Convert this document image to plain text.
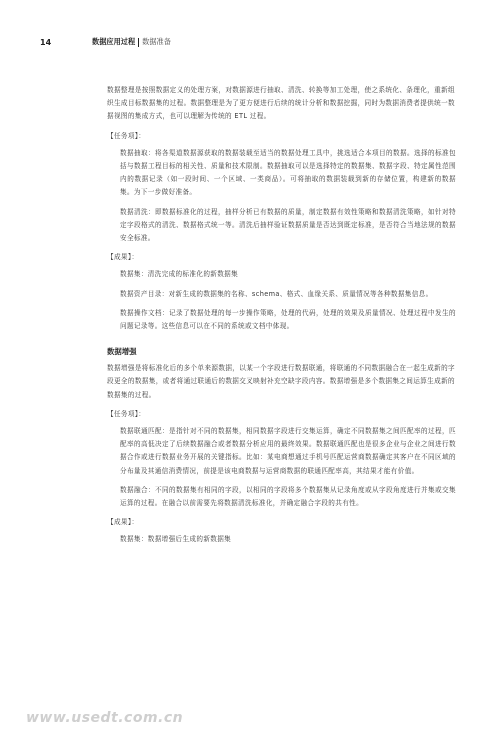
14	数据应用过程 数据准备

数据整理是按照数据定义的处理方案，对数据源进行抽取、清洗、转换等加工处理，使之系统化、条理化，重新组织生成目标数据集的过程。数据整理是为了更方便进行后续的统计分析和数据挖掘，同时为数据消费者提供统一数据视图的集成方式，也可以理解为传统的 ETL 过程。

【任务项】：

数据抽取：将各渠道数据源获取的数据装载至适当的数据处理工具中，挑选适合本项目的数据。选择的标准包括与数据工程目标的相关性、质量和技术限制。数据抽取可以是选择特定的数据集、数据字段、特定属性范围内的数据记录（如一段时间、一个区域、一类商品）。可将抽取的数据装载到新的存储位置，构建新的数据集。为下一步做好准备。

数据清洗：即数据标准化的过程，抽样分析已有数据的质量，制定数据有效性策略和数据清洗策略，如针对特定字段格式的清洗、数据格式统一等。清洗后抽样验证数据质量是否达到既定标准，是否符合当地法规的数据安全标准。

【成果】：

数据集：清洗完成的标准化的新数据集

数据资产目录：对新生成的数据集的名称、schema、格式、血缘关系、质量情况等各种数据集信息。

数据操作文档：记录了数据处理的每一步操作策略，处理的代码，处理的效果及质量情况、处理过程中发生的问题记录等。这些信息可以在不同的系统或文档中体现。

数据增强

数据增强是将标准化后的多个单来源数据，以某一个字段进行数据联通，将联通的不同数据融合在一起生成新的字段更全的数据集，或者将通过联通后的数据交叉映射补充空缺字段内容。数据增强是多个数据集之间运算生成新的数据集的过程。

【任务项】：

数据联通匹配：是指针对不同的数据集，相同数据字段进行交集运算，确定不同数据集之间匹配率的过程，匹配率的高低决定了后续数据融合或者数据分析应用的最终效果。数据联通匹配也是很多企业与企业之间进行数据合作或进行数据业务开展的关键指标。比如：某电商想通过手机号匹配运营商数据确定其客户在不同区域的分布量及其通信消费情况，前提是该电商数据与运营商数据的联通匹配率高，其结果才能有价值。

数据融合：不同的数据集有相同的字段，以相同的字段将多个数据集从记录角度或从字段角度进行并集或交集运算的过程。在融合以前需要先将数据清洗标准化，并确定融合字段的共有性。

【成果】：

数据集：数据增强后生成的新数据集

www.usedt.com.cn
